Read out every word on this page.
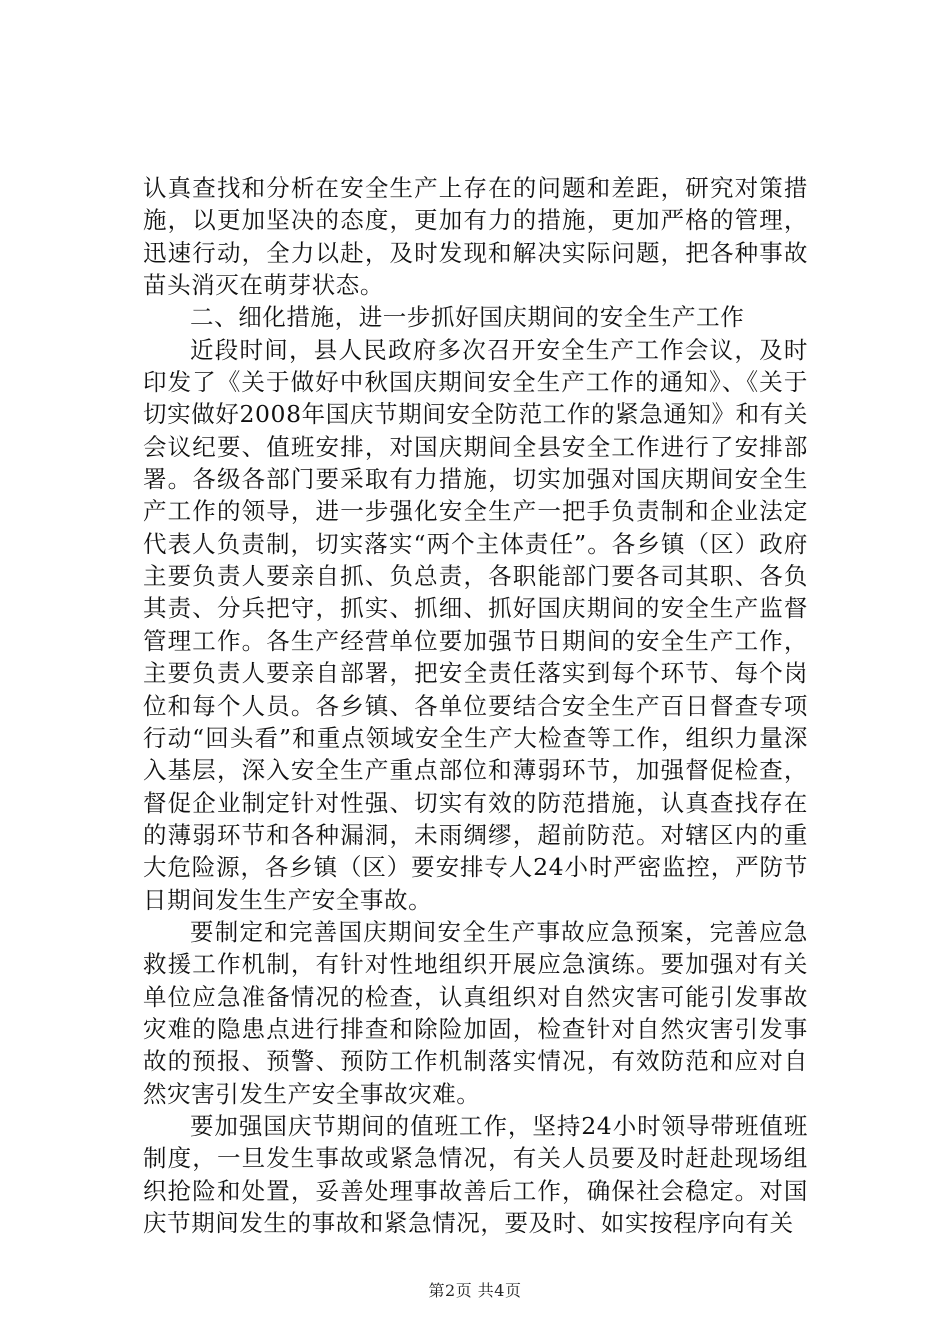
认真查找和分析在安全生产上存在的问题和差距，研究对策措施，以更加坚决的态度，更加有力的措施，更加严格的管理，迅速行动，全力以赴，及时发现和解决实际问题，把各种事故苗头消灭在萌芽状态。

二、细化措施，进一步抓好国庆期间的安全生产工作

近段时间，县人民政府多次召开安全生产工作会议，及时印发了《关于做好中秋国庆期间安全生产工作的通知》、《关于切实做好2008年国庆节期间安全防范工作的紧急通知》和有关会议纪要、值班安排，对国庆期间全县安全工作进行了安排部署。各级各部门要采取有力措施，切实加强对国庆期间安全生产工作的领导，进一步强化安全生产一把手负责制和企业法定代表人负责制，切实落实“两个主体责任”。各乡镇（区）政府主要负责人要亲自抓、负总责，各职能部门要各司其职、各负其责、分兵把守，抓实、抓细、抓好国庆期间的安全生产监督管理工作。各生产经营单位要加强节日期间的安全生产工作，主要负责人要亲自部署，把安全责任落实到每个环节、每个岗位和每个人员。各乡镇、各单位要结合安全生产百日督查专项行动“回头看”和重点领域安全生产大检查等工作，组织力量深入基层，深入安全生产重点部位和薄弱环节，加强督促检查，督促企业制定针对性强、切实有效的防范措施，认真查找存在的薄弱环节和各种漏洞，未雨绸缪，超前防范。对辖区内的重大危险源，各乡镇（区）要安排专人24小时严密监控，严防节日期间发生生产安全事故。

要制定和完善国庆期间安全生产事故应急预案，完善应急救援工作机制，有针对性地组织开展应急演练。要加强对有关单位应急准备情况的检查，认真组织对自然灾害可能引发事故灾难的隐患点进行排查和除险加固，检查针对自然灾害引发事故的预报、预警、预防工作机制落实情况，有效防范和应对自然灾害引发生产安全事故灾难。

要加强国庆节期间的值班工作，坚持24小时领导带班值班制度，一旦发生事故或紧急情况，有关人员要及时赶赴现场组织抢险和处置，妥善处理事故善后工作，确保社会稳定。对国庆节期间发生的事故和紧急情况，要及时、如实按程序向有关

第2页 共4页
